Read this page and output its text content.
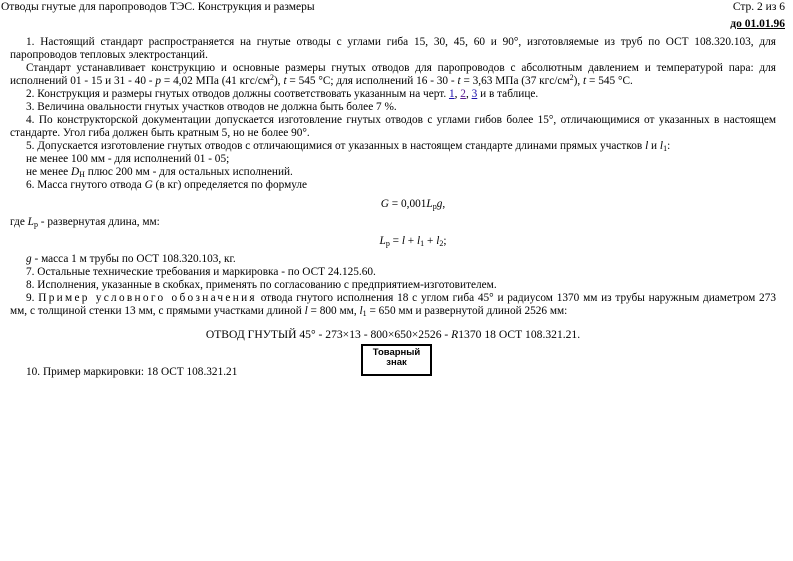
Отводы гнутые для паропроводов ТЭС. Конструкция и размеры	Стр. 2 из 6
до 01.01.96

1. Настоящий стандарт распространяется на гнутые отводы с углами гиба 15, 30, 45, 60 и 90°, изготовляемые из труб по ОСТ 108.320.103, для паропроводов тепловых электростанций.

Стандарт устанавливает конструкцию и основные размеры гнутых отводов для паропроводов с абсолютным давлением и температурой пара: для исполнений 01 - 15 и 31 - 40 - p = 4,02 МПа (41 кгс/$см^2$), t = 545 °С; для исполнений 16 - 30 - t = 3,63 МПа (37 кгс/$см^2$), t = 545 °С.

2. Конструкция и размеры гнутых отводов должны соответствовать указанным на черт. 1, 2, 3 и в таблице.

3. Величина овальности гнутых участков отводов не должна быть более 7 %.

4. По конструкторской документации допускается изготовление гнутых отводов с углами гибов более 15°, отличающимися от указанных в настоящем стандарте. Угол гиба должен быть кратным 5, но не более 90°.

5. Допускается изготовление гнутых отводов с отличающимися от указанных в настоящем стандарте длинами прямых участков l и $l_1$:

не менее 100 мм - для исполнений 01 - 05;

не менее $D_H$ плюс 200 мм - для остальных исполнений.

6. Масса гнутого отвода G (в кг) определяется по формуле

$G = 0,001L_pg$,

где $L_p$ - развернутая длина, мм:

$L_p = l + l_1 + l_2$;

g - масса 1 м трубы по ОСТ 108.320.103, кг.

7. Остальные технические требования и маркировка - по ОСТ 24.125.60.

8. Исполнения, указанные в скобках, применять по согласованию с предприятием-изготовителем.

9. Пример условного обозначения отвода гнутого исполнения 18 с углом гиба 45° и радиусом 1370 мм из трубы наружным диаметром 273 мм, с толщиной стенки 13 мм, с прямыми участками длиной l = 800 мм, $l_1 = 650$ мм и развернутой длиной 2526 мм:

ОТВОД ГНУТЫЙ 45° - 273×13 - 800×650×2526 - R1370 18 ОСТ 108.321.21.
Товарный
знак
10. Пример маркировки: 18 ОСТ 108.321.21
